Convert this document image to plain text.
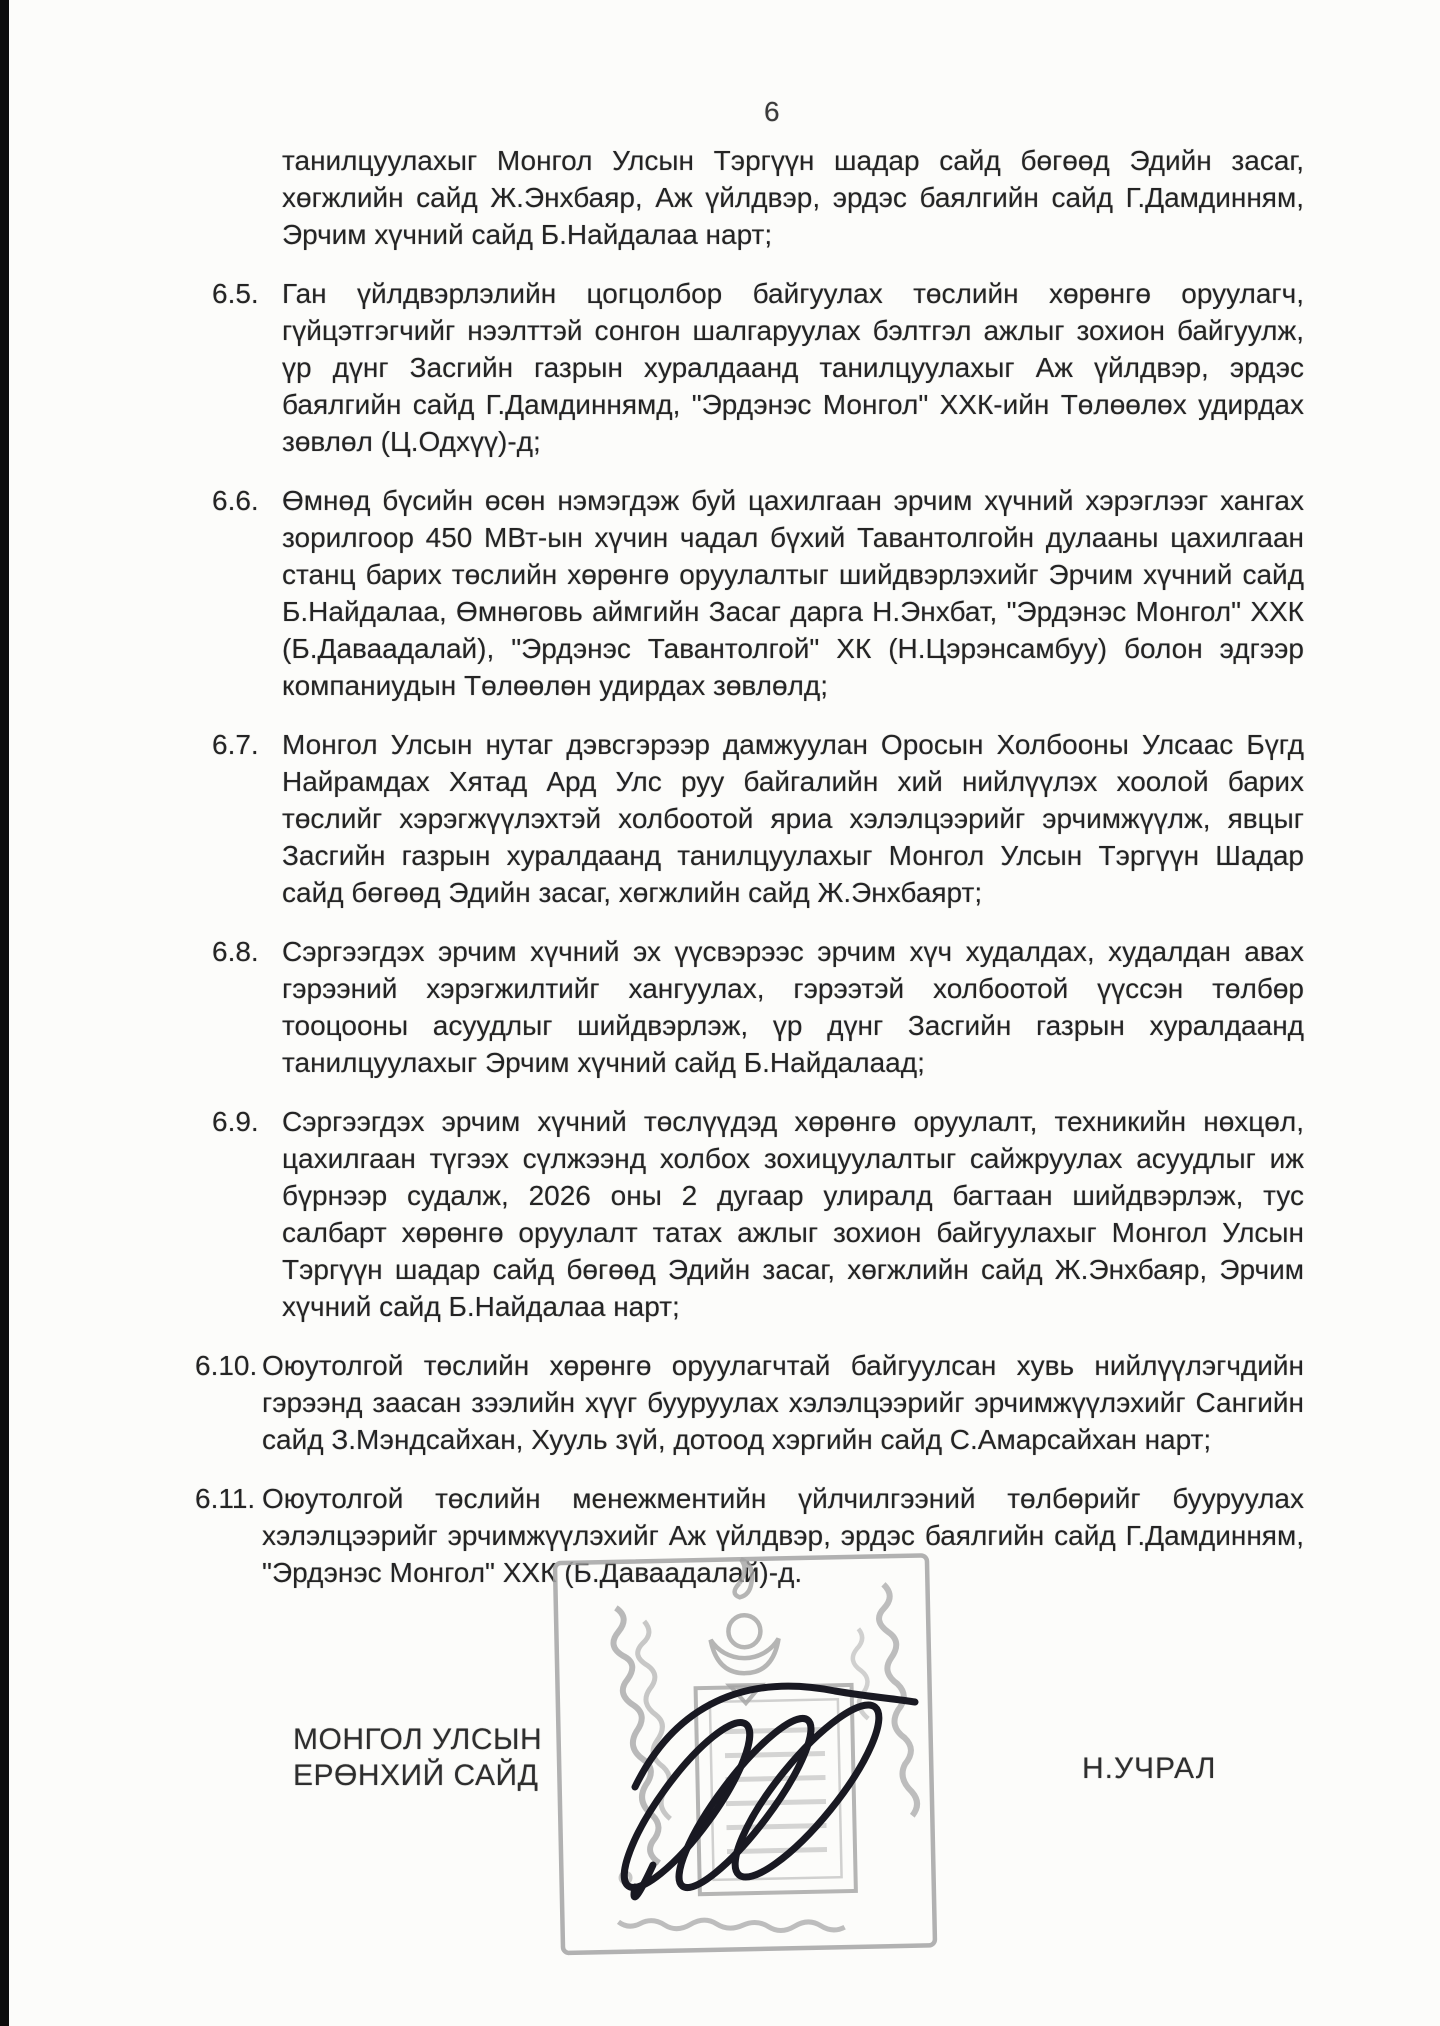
6
танилцуулахыг Монгол Улсын Тэргүүн шадар сайд бөгөөд Эдийн засаг, хөгжлийн сайд Ж.Энхбаяр, Аж үйлдвэр, эрдэс баялгийн сайд Г.Дамдинням, Эрчим хүчний сайд Б.Найдалаа нарт;
6.5. Ган үйлдвэрлэлийн цогцолбор байгуулах төслийн хөрөнгө оруулагч, гүйцэтгэгчийг нээлттэй сонгон шалгаруулах бэлтгэл ажлыг зохион байгуулж, үр дүнг Засгийн газрын хуралдаанд танилцуулахыг Аж үйлдвэр, эрдэс баялгийн сайд Г.Дамдиннямд, "Эрдэнэс Монгол" ХХК-ийн Төлөөлөх удирдах зөвлөл (Ц.Одхүү)-д;
6.6. Өмнөд бүсийн өсөн нэмэгдэж буй цахилгаан эрчим хүчний хэрэглээг хангах зорилгоор 450 МВт-ын хүчин чадал бүхий Тавантолгойн дулааны цахилгаан станц барих төслийн хөрөнгө оруулалтыг шийдвэрлэхийг Эрчим хүчний сайд Б.Найдалаа, Өмнөговь аймгийн Засаг дарга Н.Энхбат, "Эрдэнэс Монгол" ХХК (Б.Даваадалай), "Эрдэнэс Тавантолгой" ХК (Н.Цэрэнсамбуу) болон эдгээр компаниудын Төлөөлөн удирдах зөвлөлд;
6.7. Монгол Улсын нутаг дэвсгэрээр дамжуулан Оросын Холбооны Улсаас Бүгд Найрамдах Хятад Ард Улс руу байгалийн хий нийлүүлэх хоолой барих төслийг хэрэгжүүлэхтэй холбоотой яриа хэлэлцээрийг эрчимжүүлж, явцыг Засгийн газрын хуралдаанд танилцуулахыг Монгол Улсын Тэргүүн Шадар сайд бөгөөд Эдийн засаг, хөгжлийн сайд Ж.Энхбаярт;
6.8. Сэргээгдэх эрчим хүчний эх үүсвэрээс эрчим хүч худалдах, худалдан авах гэрээний хэрэгжилтийг хангуулах, гэрээтэй холбоотой үүссэн төлбөр тооцооны асуудлыг шийдвэрлэж, үр дүнг Засгийн газрын хуралдаанд танилцуулахыг Эрчим хүчний сайд Б.Найдалаад;
6.9. Сэргээгдэх эрчим хүчний төслүүдэд хөрөнгө оруулалт, техникийн нөхцөл, цахилгаан түгээх сүлжээнд холбох зохицуулалтыг сайжруулах асуудлыг иж бүрнээр судалж, 2026 оны 2 дугаар улиралд багтаан шийдвэрлэж, тус салбарт хөрөнгө оруулалт татах ажлыг зохион байгуулахыг Монгол Улсын Тэргүүн шадар сайд бөгөөд Эдийн засаг, хөгжлийн сайд Ж.Энхбаяр, Эрчим хүчний сайд Б.Найдалаа нарт;
6.10. Оюутолгой төслийн хөрөнгө оруулагчтай байгуулсан хувь нийлүүлэгчдийн гэрээнд заасан зээлийн хүүг бууруулах хэлэлцээрийг эрчимжүүлэхийг Сангийн сайд З.Мэндсайхан, Хууль зүй, дотоод хэргийн сайд С.Амарсайхан нарт;
6.11. Оюутолгой төслийн менежментийн үйлчилгээний төлбөрийг бууруулах хэлэлцээрийг эрчимжүүлэхийг Аж үйлдвэр, эрдэс баялгийн сайд Г.Дамдинням, "Эрдэнэс Монгол" ХХК (Б.Даваадалай)-д.
МОНГОЛ УЛСЫН
ЕРӨНХИЙ САЙД	Н.УЧРАЛ
